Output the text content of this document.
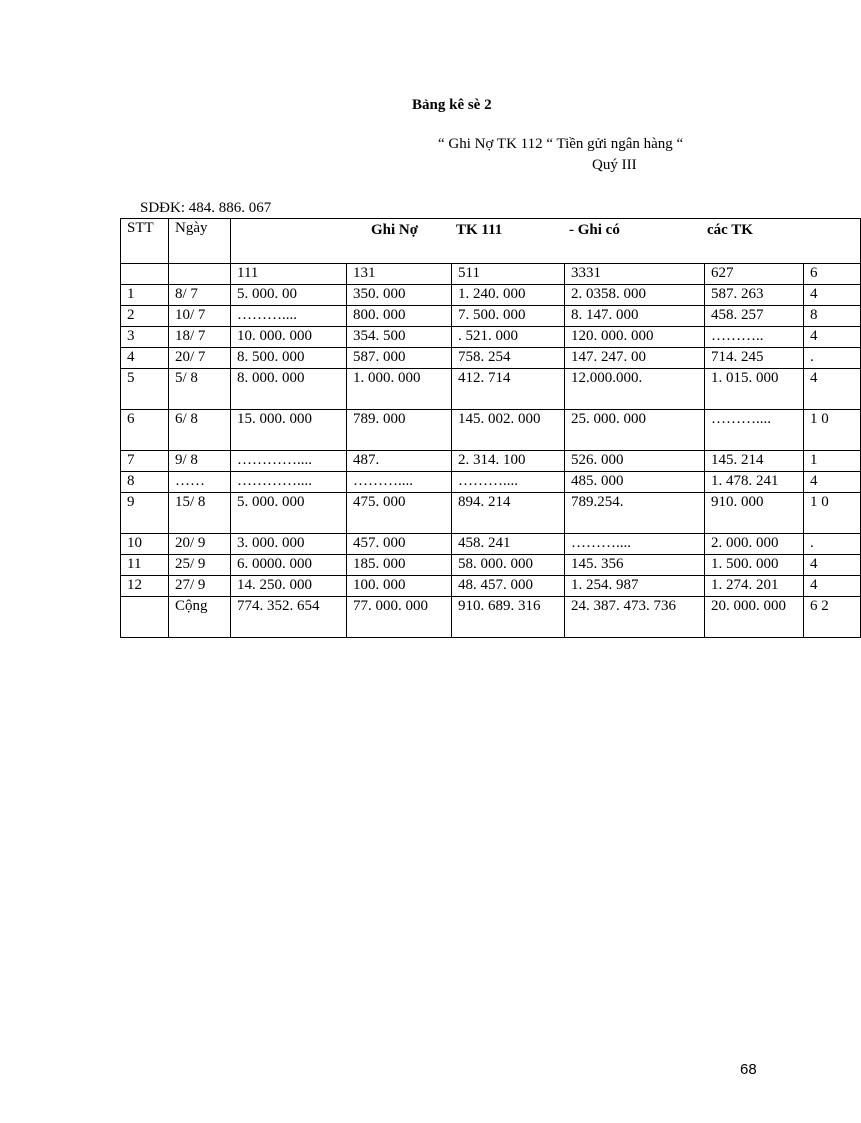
Bảng kê sè 2
“ Ghi Nợ TK 112 “ Tiền gửi ngân hàng “
Quý III
SDĐK: 484. 886. 067
STT	Ngày	Ghi Nợ TK 111 - Ghi có các TK					

		111	131	511	3331	627	6
1	8/ 7	5. 000. 00	350. 000	1. 240. 000	2. 0358. 000	587. 263	4
2	10/ 7	………....	800. 000	7. 500. 000	8. 147. 000	458. 257	8
3	18/ 7	10. 000. 000	354. 500	. 521. 000	120. 000. 000	………..	4
4	20/ 7	8. 500. 000	587. 000	758. 254	147. 247. 00	714. 245	.
5	5/ 8	8. 000. 000	1. 000. 000	412. 714	12.000.000.	1. 015. 000	4
6	6/ 8	15. 000. 000	789. 000	145. 002. 000	25. 000. 000	………....	1 0
7	9/ 8	…………....	487.	2. 314. 100	526. 000	145. 214	1
8	……	…………....	………....	………....	485. 000	1. 478. 241	4
9	15/ 8	5. 000. 000	475. 000	894. 214	789.254.	910. 000	1 0
10	20/ 9	3. 000. 000	457. 000	458. 241	………....	2. 000. 000	.
11	25/ 9	6. 0000. 000	185. 000	58. 000. 000	145. 356	1. 500. 000	4
12	27/ 9	14. 250. 000	100. 000	48. 457. 000	1. 254. 987	1. 274. 201	4
	Cộng	774. 352. 654	77. 000. 000	910. 689. 316	24. 387. 473. 736	20. 000. 000	6 2
68
